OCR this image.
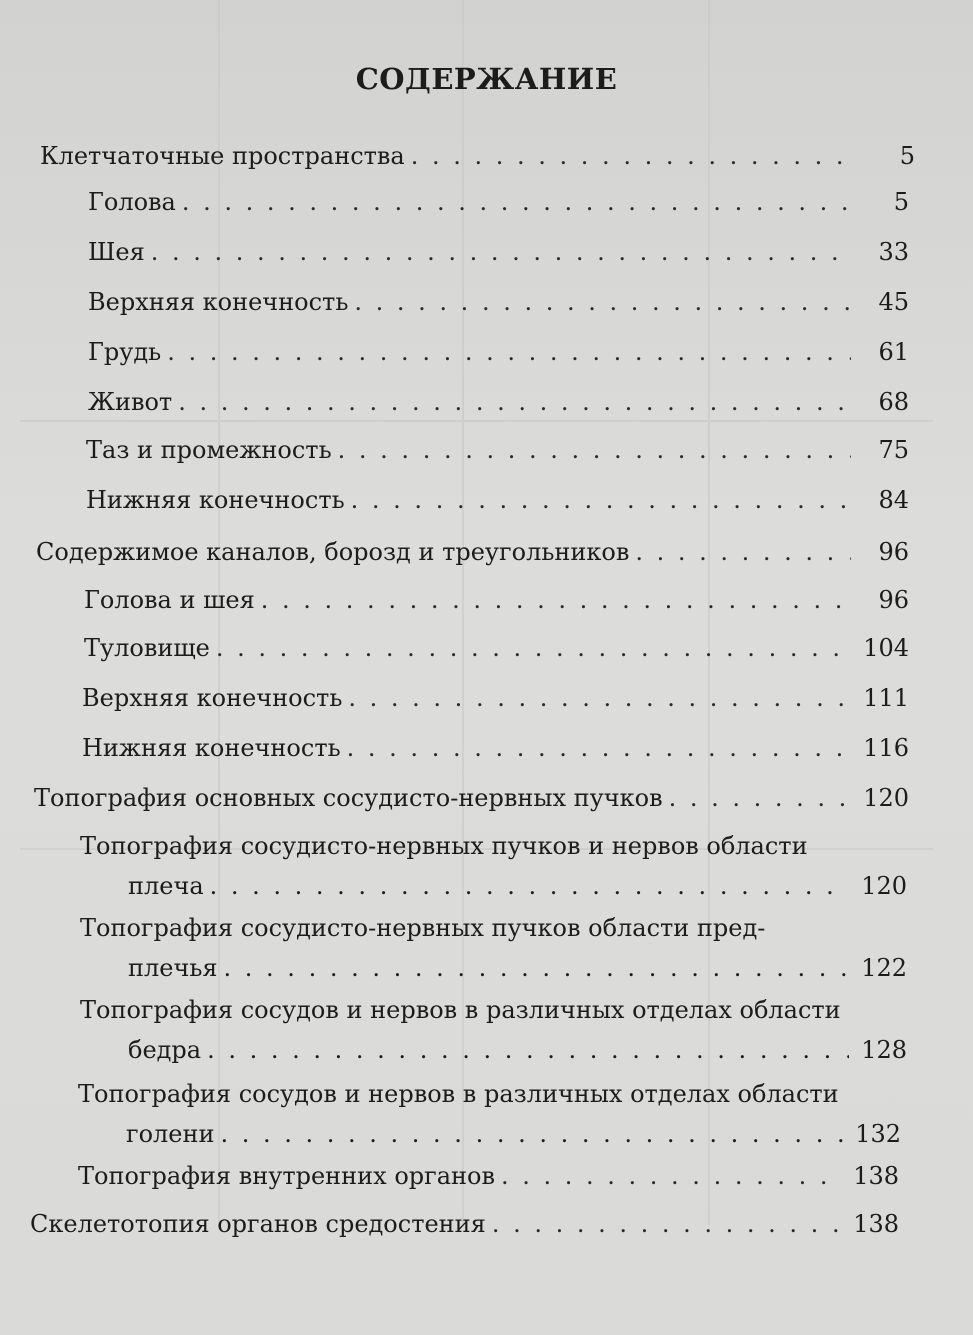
СОДЕРЖАНИЕ
Клетчаточные пространства . . .	5
Голова . . .	5
Шея . . .	33
Верхняя конечность . . .	45
Грудь . . .	61
Живот . . .	68
Таз и промежность . . .	75
Нижняя конечность . . .	84
Содержимое каналов, борозд и треугольников . . .	96
Голова и шея . . .	96
Туловище . . .	104
Верхняя конечность . . .	111
Нижняя конечность . . .	116
Топография основных сосудисто-нервных пучков . . .	120
Топография сосудисто-нервных пучков и нервов области
плеча . . .	120
Топография сосудисто-нервных пучков области пред-
плечья . . .	122
Топография сосудов и нервов в различных отделах области
бедра . . .	128
Топография сосудов и нервов в различных отделах области
голени . . .	132
Топография внутренних органов . . .	138
Скелетотопия органов средостения . . .	138
